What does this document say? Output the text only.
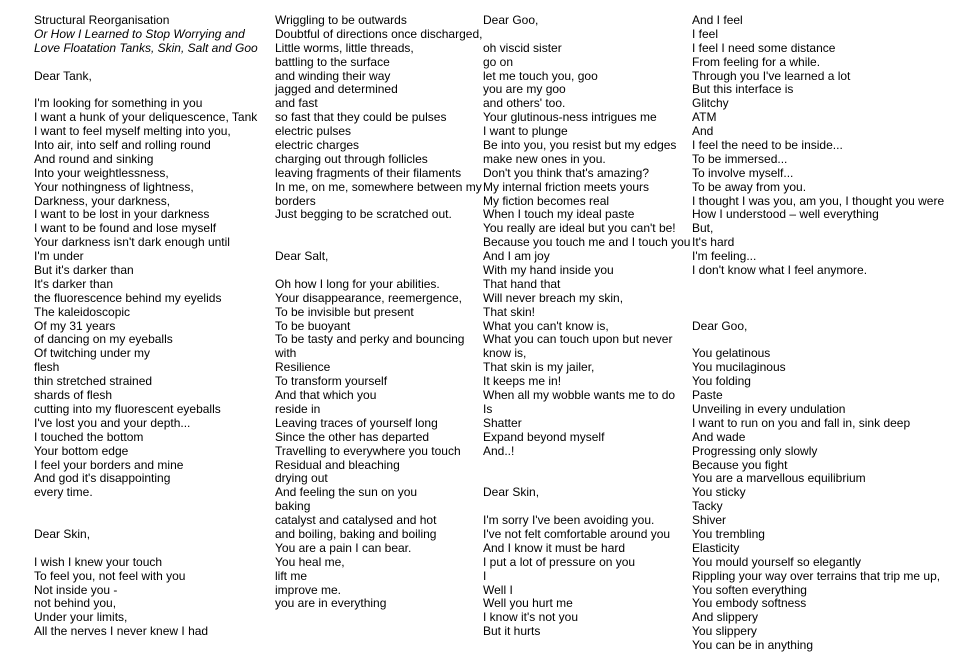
Structural Reorganisation
Or How I Learned to Stop Worrying and
Love Floatation Tanks, Skin, Salt and Goo
Dear Tank,
I'm looking for something in you
I want a hunk of your deliquescence, Tank
I want to feel myself melting into you,
Into air, into self and rolling round
And round and sinking
Into your weightlessness,
Your nothingness of lightness,
Darkness, your darkness,
I want to be lost in your darkness
I want to be found and lose myself
Your darkness isn't dark enough until
I'm under
But it's darker than
It's darker than
the fluorescence behind my eyelids
The kaleidoscopic
Of my 31 years
of dancing on my eyeballs
Of twitching under my
flesh
thin stretched strained
shards of flesh
cutting into my fluorescent eyeballs
I've lost you and your depth...
I touched the bottom
Your bottom edge
I feel your borders and mine
And god it's disappointing
every time.
Dear Skin,
I wish I knew your touch
To feel you, not feel with you
Not inside you -
not behind you,
Under your limits,
All the nerves I never knew I had
Wriggling to be outwards
Doubtful of directions once discharged,
Little worms, little threads,
battling to the surface
and winding their way
jagged and determined
and fast
so fast that they could be pulses
electric pulses
electric charges
charging out through follicles
leaving fragments of their filaments
In me, on me, somewhere between my
borders
Just begging to be scratched out.
Dear Salt,
Oh how I long for your abilities.
Your disappearance, reemergence,
To be invisible but present
To be buoyant
To be tasty and perky and bouncing
with
Resilience
To transform yourself
And that which you
reside in
Leaving traces of yourself long
Since the other has departed
Travelling to everywhere you touch
Residual and bleaching
drying out
And feeling the sun on you
baking
catalyst and catalysed and hot
and boiling, baking and boiling
You are a pain I can bear.
You heal me,
lift me
improve me.
you are in everything
Dear Goo,
oh viscid sister
go on
let me touch you, goo
you are my goo
and others' too.
Your glutinous-ness intrigues me
I want to plunge
Be into you, you resist but my edges
make new ones in you.
Don't you think that's amazing?
My internal friction meets yours
My fiction becomes real
When I touch my ideal paste
You really are ideal but you can't be!
Because you touch me and I touch you
And I am joy
With my hand inside you
That hand that
Will never breach my skin,
That skin!
What you can't know is,
What you can touch upon but never
know is,
That skin is my jailer,
It keeps me in!
When all my wobble wants me to do
Is
Shatter
Expand beyond myself
And..!
Dear Skin,
I'm sorry I've been avoiding you.
I've not felt comfortable around you
And I know it must be hard
I put a lot of pressure on you
I
Well I
Well you hurt me
I know it's not you
But it hurts
And I feel
I feel
I feel I need some distance
From feeling for a while.
Through you I've learned a lot
But this interface is
Glitchy
ATM
And
I feel the need to be inside...
To be immersed...
To involve myself...
To be away from you.
I thought I was you, am you, I thought you were
How I understood – well everything
But,
It's hard
I'm feeling...
I don't know what I feel anymore.
Dear Goo,
You gelatinous
You mucilaginous
You folding
Paste
Unveiling in every undulation
I want to run on you and fall in, sink deep
And wade
Progressing only slowly
Because you fight
You are a marvellous equilibrium
You sticky
Tacky
Shiver
You trembling
Elasticity
You mould yourself so elegantly
Rippling your way over terrains that trip me up,
You soften everything
You embody softness
And slippery
You slippery
You can be in anything
